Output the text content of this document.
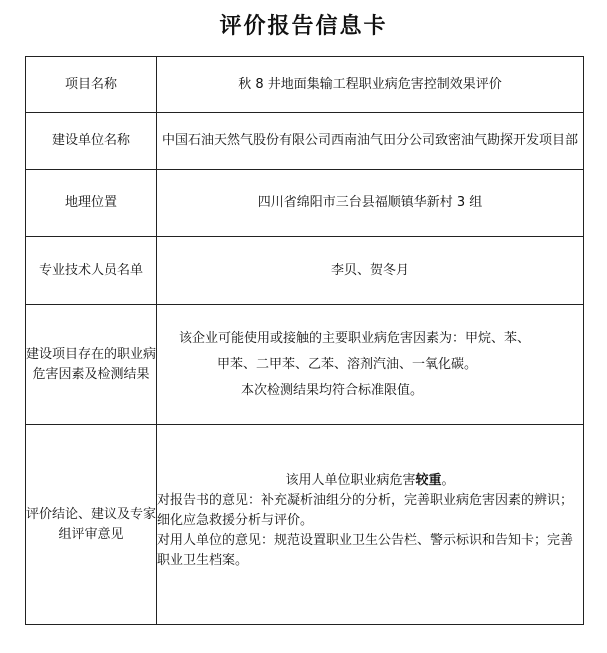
评价报告信息卡
项目名称	秋 8 井地面集输工程职业病危害控制效果评价
建设单位名称	中国石油天然气股份有限公司西南油气田分公司致密油气勘探开发项目部
地理位置	四川省绵阳市三台县福顺镇华新村 3 组
专业技术人员名单	李贝、贺冬月
建设项目存在的职业病危害因素及检测结果	该企业可能使用或接触的主要职业病危害因素为：甲烷、苯、
甲苯、二甲苯、乙苯、溶剂汽油、一氧化碳。
本次检测结果均符合标准限值。

评价结论、建议及专家组评审意见	该用人单位职业病危害较重。
对报告书的意见：补充凝析油组分的分析，完善职业病危害因素的辨识；细化应急救援分析与评价。
对用人单位的意见：规范设置职业卫生公告栏、警示标识和告知卡；完善职业卫生档案。
